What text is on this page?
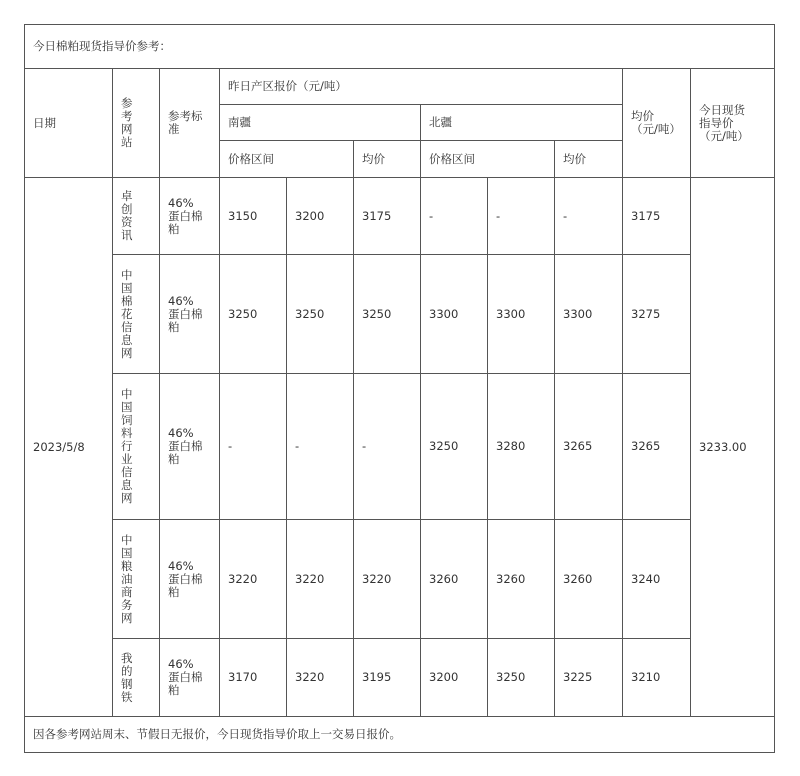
今日棉粕现货指导价参考：										
日期	参考网站	参考标准	昨日产区报价（元/吨）						均价（元/吨）	今日现货指导价（元/吨）

			南疆			北疆				
			价格区间		均价	价格区间		均价		
2023/5/8	卓创资讯	46%蛋白棉粕	3150	3200	3175	-	-	-	3175	3233.00

	中国棉花信息网	46%蛋白棉粕	3250	3250	3250	3300	3300	3300	3275	

	中国饲料行业信息网	46%蛋白棉粕	-	-	-	3250	3280	3265	3265	

	中国粮油商务网	46%蛋白棉粕	3220	3220	3220	3260	3260	3260	3240	

	我的钢铁	46%蛋白棉粕	3170	3220	3195	3200	3250	3225	3210	
因各参考网站周末、节假日无报价，今日现货指导价取上一交易日报价。										
